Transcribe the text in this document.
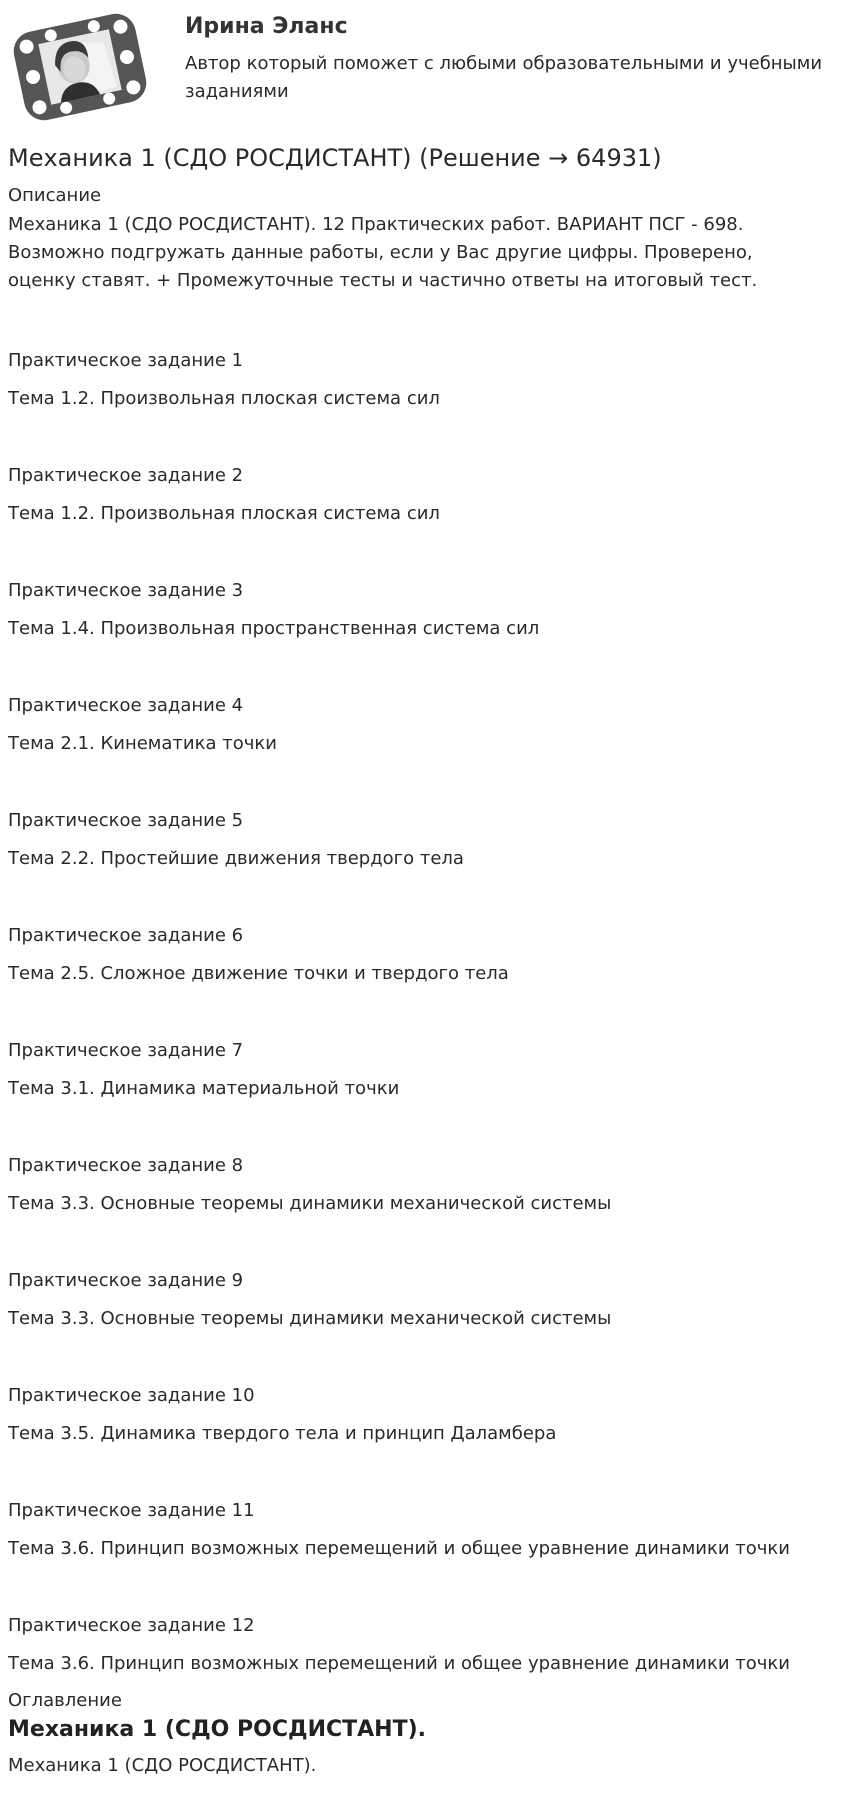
Ирина Эланс
Автор который поможет с любыми образовательными и учебными заданиями
Механика 1 (СДО РОСДИСТАНТ) (Решение → 64931)
Описание
Механика 1 (СДО РОСДИСТАНТ). 12 Практических работ. ВАРИАНТ ПСГ - 698. Возможно подгружать данные работы, если у Вас другие цифры. Проверено, оценку ставят. + Промежуточные тесты и частично ответы на итоговый тест.
Практическое задание 1
Тема 1.2. Произвольная плоская система сил
Практическое задание 2
Тема 1.2. Произвольная плоская система сил
Практическое задание 3
Тема 1.4. Произвольная пространственная система сил
Практическое задание 4
Тема 2.1. Кинематика точки
Практическое задание 5
Тема 2.2. Простейшие движения твердого тела
Практическое задание 6
Тема 2.5. Сложное движение точки и твердого тела
Практическое задание 7
Тема 3.1. Динамика материальной точки
Практическое задание 8
Тема 3.3. Основные теоремы динамики механической системы
Практическое задание 9
Тема 3.3. Основные теоремы динамики механической системы
Практическое задание 10
Тема 3.5. Динамика твердого тела и принцип Даламбера
Практическое задание 11
Тема 3.6. Принцип возможных перемещений и общее уравнение динамики точки
Практическое задание 12
Тема 3.6. Принцип возможных перемещений и общее уравнение динамики точки
Оглавление
Механика 1 (СДО РОСДИСТАНТ).
Механика 1 (СДО РОСДИСТАНТ).
